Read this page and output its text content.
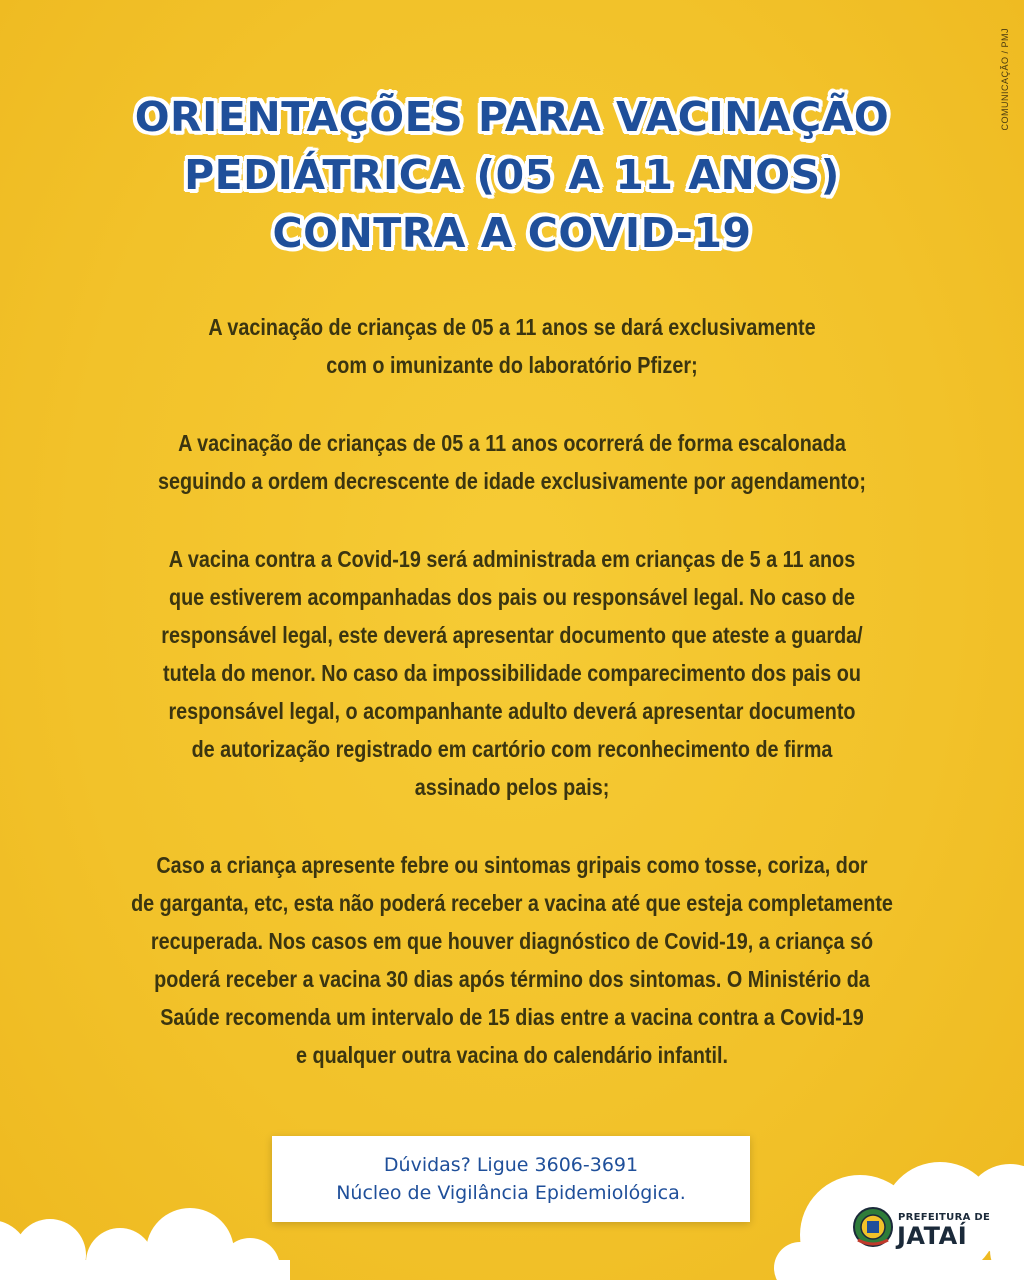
COMUNICAÇÃO / PMJ
ORIENTAÇÕES PARA VACINAÇÃO
PEDIÁTRICA (05 A 11 ANOS)
CONTRA A COVID-19

A vacinação de crianças de 05 a 11 anos se dará exclusivamente
com o imunizante do laboratório Pfizer;

A vacinação de crianças de 05 a 11 anos ocorrerá de forma escalonada
seguindo a ordem decrescente de idade exclusivamente por agendamento;

A vacina contra a Covid-19 será administrada em crianças de 5 a 11 anos
que estiverem acompanhadas dos pais ou responsável legal. No caso de
responsável legal, este deverá apresentar documento que ateste a guarda/
tutela do menor. No caso da impossibilidade comparecimento dos pais ou
responsável legal, o acompanhante adulto deverá apresentar documento
de autorização registrado em cartório com reconhecimento de firma
assinado pelos pais;

Caso a criança apresente febre ou sintomas gripais como tosse, coriza, dor
de garganta, etc, esta não poderá receber a vacina até que esteja completamente
recuperada. Nos casos em que houver diagnóstico de Covid-19, a criança só
poderá receber a vacina 30 dias após término dos sintomas. O Ministério da
Saúde recomenda um intervalo de 15 dias entre a vacina contra a Covid-19
e qualquer outra vacina do calendário infantil.

Dúvidas? Ligue 3606-3691
Núcleo de Vigilância Epidemiológica.
PREFEITURA DE
JATAÍ
